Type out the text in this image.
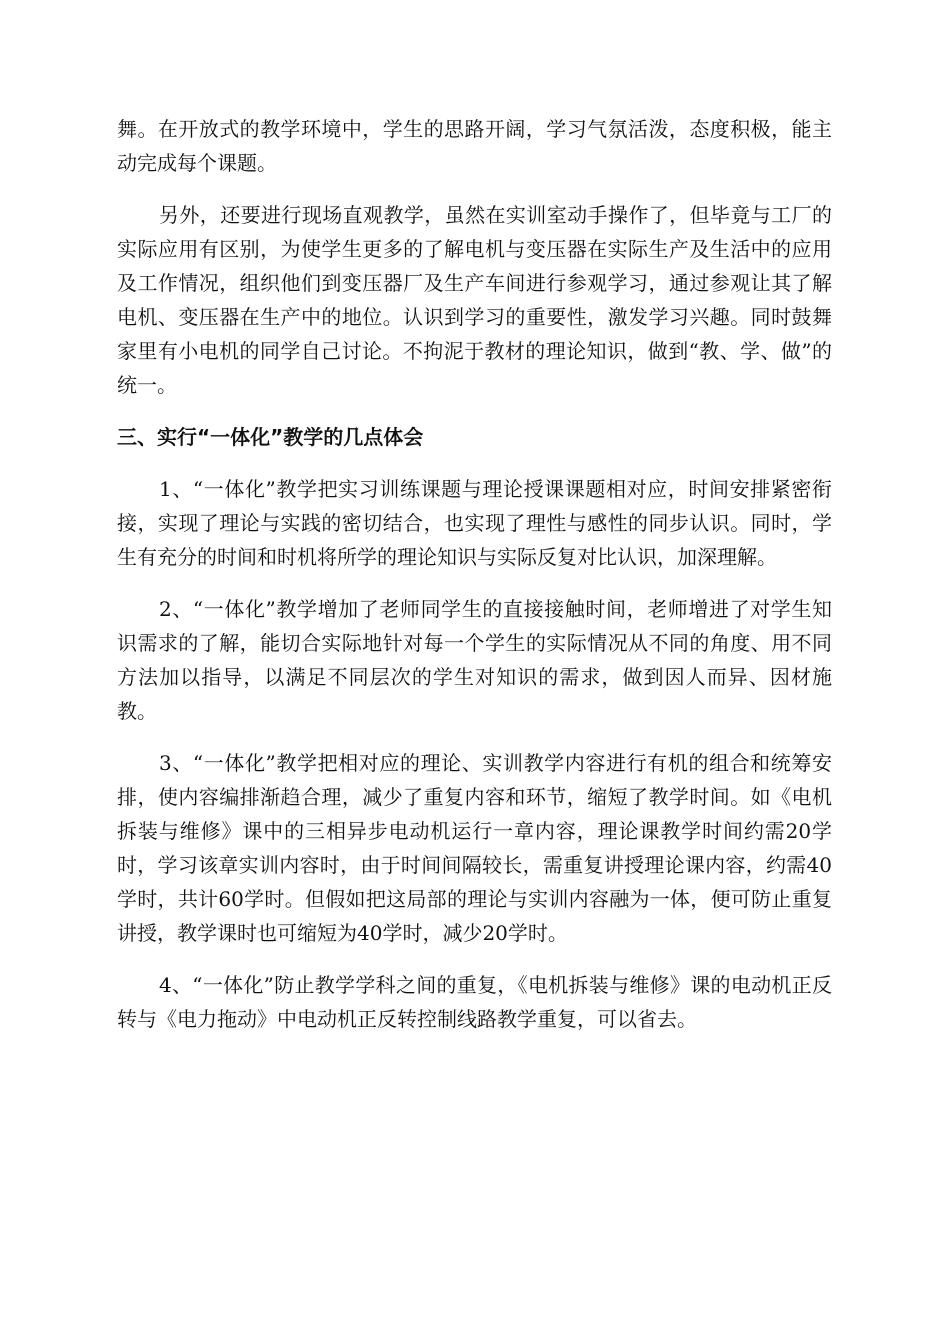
舞。在开放式的教学环境中，学生的思路开阔，学习气氛活泼，态度积极，能主动完成每个课题。

另外，还要进行现场直观教学，虽然在实训室动手操作了，但毕竟与工厂的实际应用有区别，为使学生更多的了解电机与变压器在实际生产及生活中的应用及工作情况，组织他们到变压器厂及生产车间进行参观学习，通过参观让其了解电机、变压器在生产中的地位。认识到学习的重要性，激发学习兴趣。同时鼓舞家里有小电机的同学自己讨论。不拘泥于教材的理论知识，做到“教、学、做”的统一。

三、实行“一体化”教学的几点体会

1、“一体化”教学把实习训练课题与理论授课课题相对应，时间安排紧密衔接，实现了理论与实践的密切结合，也实现了理性与感性的同步认识。同时，学生有充分的时间和时机将所学的理论知识与实际反复对比认识，加深理解。

2、“一体化”教学增加了老师同学生的直接接触时间，老师增进了对学生知识需求的了解，能切合实际地针对每一个学生的实际情况从不同的角度、用不同方法加以指导，以满足不同层次的学生对知识的需求，做到因人而异、因材施教。

3、“一体化”教学把相对应的理论、实训教学内容进行有机的组合和统筹安排，使内容编排渐趋合理，减少了重复内容和环节，缩短了教学时间。如《电机拆装与维修》课中的三相异步电动机运行一章内容，理论课教学时间约需20学时，学习该章实训内容时，由于时间间隔较长，需重复讲授理论课内容，约需40学时，共计60学时。但假如把这局部的理论与实训内容融为一体，便可防止重复讲授，教学课时也可缩短为40学时，减少20学时。

4、“一体化”防止教学学科之间的重复，《电机拆装与维修》课的电动机正反转与《电力拖动》中电动机正反转控制线路教学重复，可以省去。
